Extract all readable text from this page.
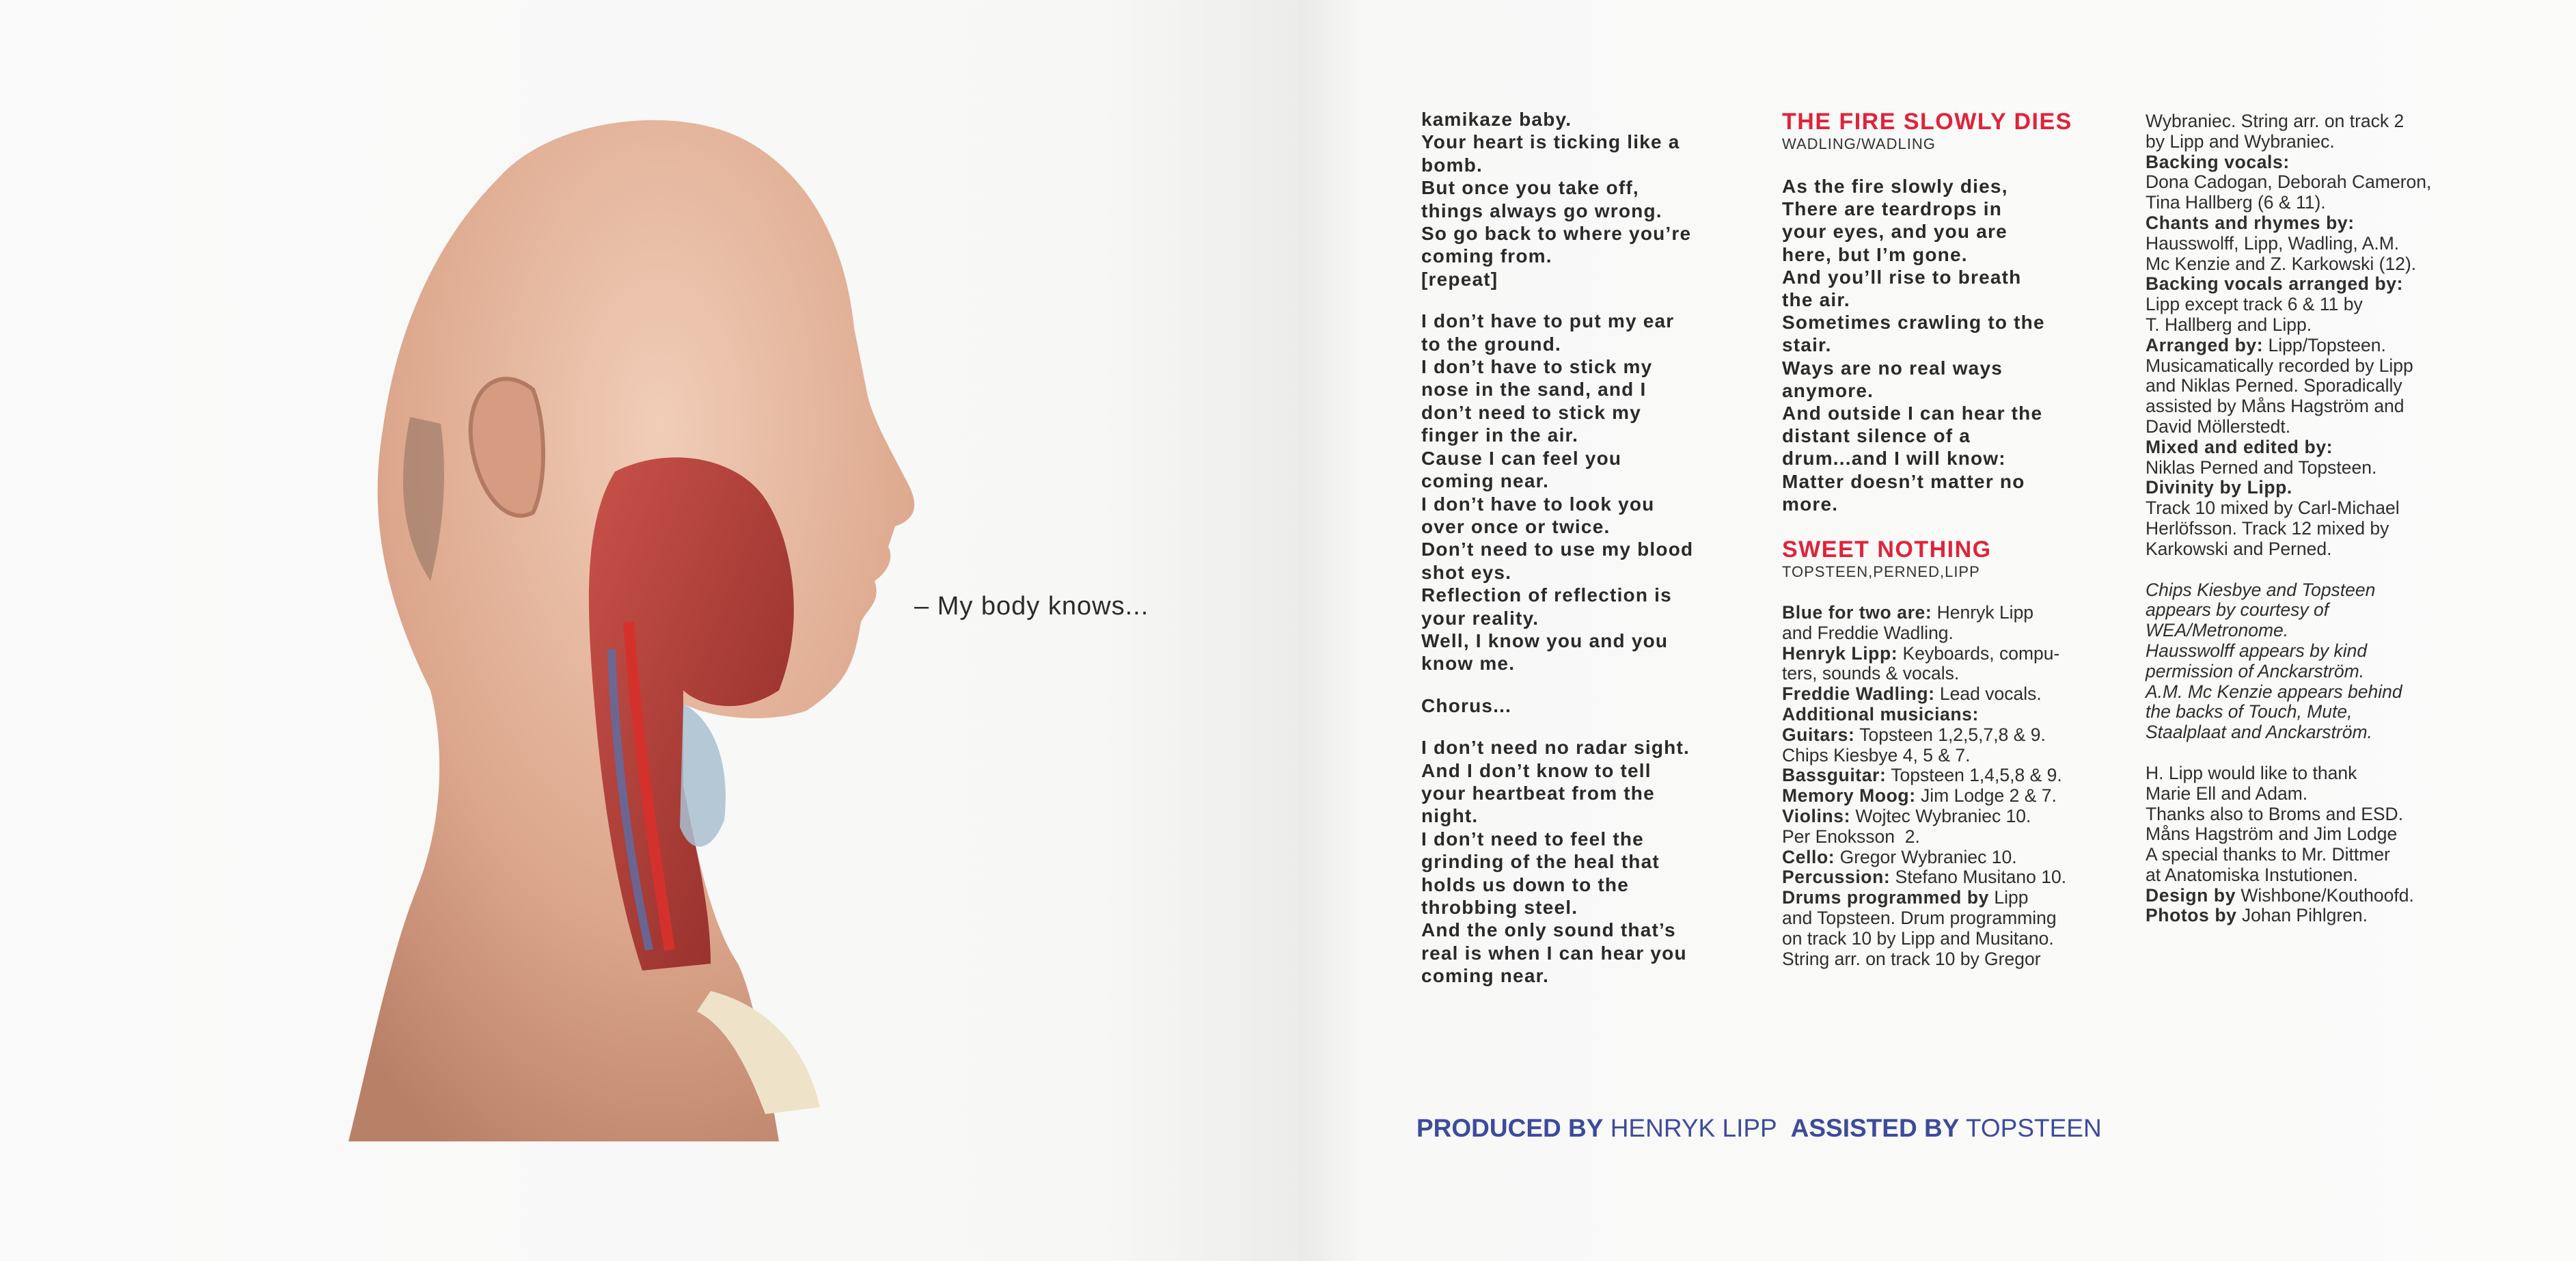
– My body knows...
kamikaze baby.
Your heart is ticking like a
bomb.
But once you take off,
things always go wrong.
So go back to where you’re
coming from.
[repeat]
I don’t have to put my ear
to the ground.
I don’t have to stick my
nose in the sand, and I
don’t need to stick my
finger in the air.
Cause I can feel you
coming near.
I don’t have to look you
over once or twice.
Don’t need to use my blood
shot eys.
Reflection of reflection is
your reality.
Well, I know you and you
know me.
Chorus...
I don’t need no radar sight.
And I don’t know to tell
your heartbeat from the
night.
I don’t need to feel the
grinding of the heal that
holds us down to the
throbbing steel.
And the only sound that’s
real is when I can hear you
coming near.
THE FIRE SLOWLY DIES
WADLING/WADLING
As the fire slowly dies,
There are teardrops in
your eyes, and you are
here, but I’m gone.
And you’ll rise to breath
the air.
Sometimes crawling to the
stair.
Ways are no real ways
anymore.
And outside I can hear the
distant silence of a
drum...and I will know:
Matter doesn’t matter no
more.
SWEET NOTHING
TOPSTEEN,PERNED,LIPP
Blue for two are: Henryk Lipp
and Freddie Wadling.
Henryk Lipp: Keyboards, compu-
ters, sounds & vocals.
Freddie Wadling: Lead vocals.
Additional musicians:
Guitars: Topsteen 1,2,5,7,8 & 9.
Chips Kiesbye 4, 5 & 7.
Bassguitar: Topsteen 1,4,5,8 & 9.
Memory Moog: Jim Lodge 2 & 7.
Violins: Wojtec Wybraniec 10.
Per Enoksson  2.
Cello: Gregor Wybraniec 10.
Percussion: Stefano Musitano 10.
Drums programmed by Lipp
and Topsteen. Drum programming
on track 10 by Lipp and Musitano.
String arr. on track 10 by Gregor
Wybraniec. String arr. on track 2
by Lipp and Wybraniec.
Backing vocals:
Dona Cadogan, Deborah Cameron,
Tina Hallberg (6 & 11).
Chants and rhymes by:
Hausswolff, Lipp, Wadling, A.M.
Mc Kenzie and Z. Karkowski (12).
Backing vocals arranged by:
Lipp except track 6 & 11 by
T. Hallberg and Lipp.
Arranged by: Lipp/Topsteen.
Musicamatically recorded by Lipp
and Niklas Perned. Sporadically
assisted by Måns Hagström and
David Möllerstedt.
Mixed and edited by:
Niklas Perned and Topsteen.
Divinity by Lipp.
Track 10 mixed by Carl-Michael
Herlöfsson. Track 12 mixed by
Karkowski and Perned.
Chips Kiesbye and Topsteen
appears by courtesy of
WEA/Metronome.
Hausswolff appears by kind
permission of Anckarström.
A.M. Mc Kenzie appears behind
the backs of Touch, Mute,
Staalplaat and Anckarström.
H. Lipp would like to thank
Marie Ell and Adam.
Thanks also to Broms and ESD.
Måns Hagström and Jim Lodge
A special thanks to Mr. Dittmer
at Anatomiska Instutionen.
Design by Wishbone/Kouthoofd.
Photos by Johan Pihlgren.
PRODUCED BY HENRYK LIPP  ASSISTED BY TOPSTEEN
